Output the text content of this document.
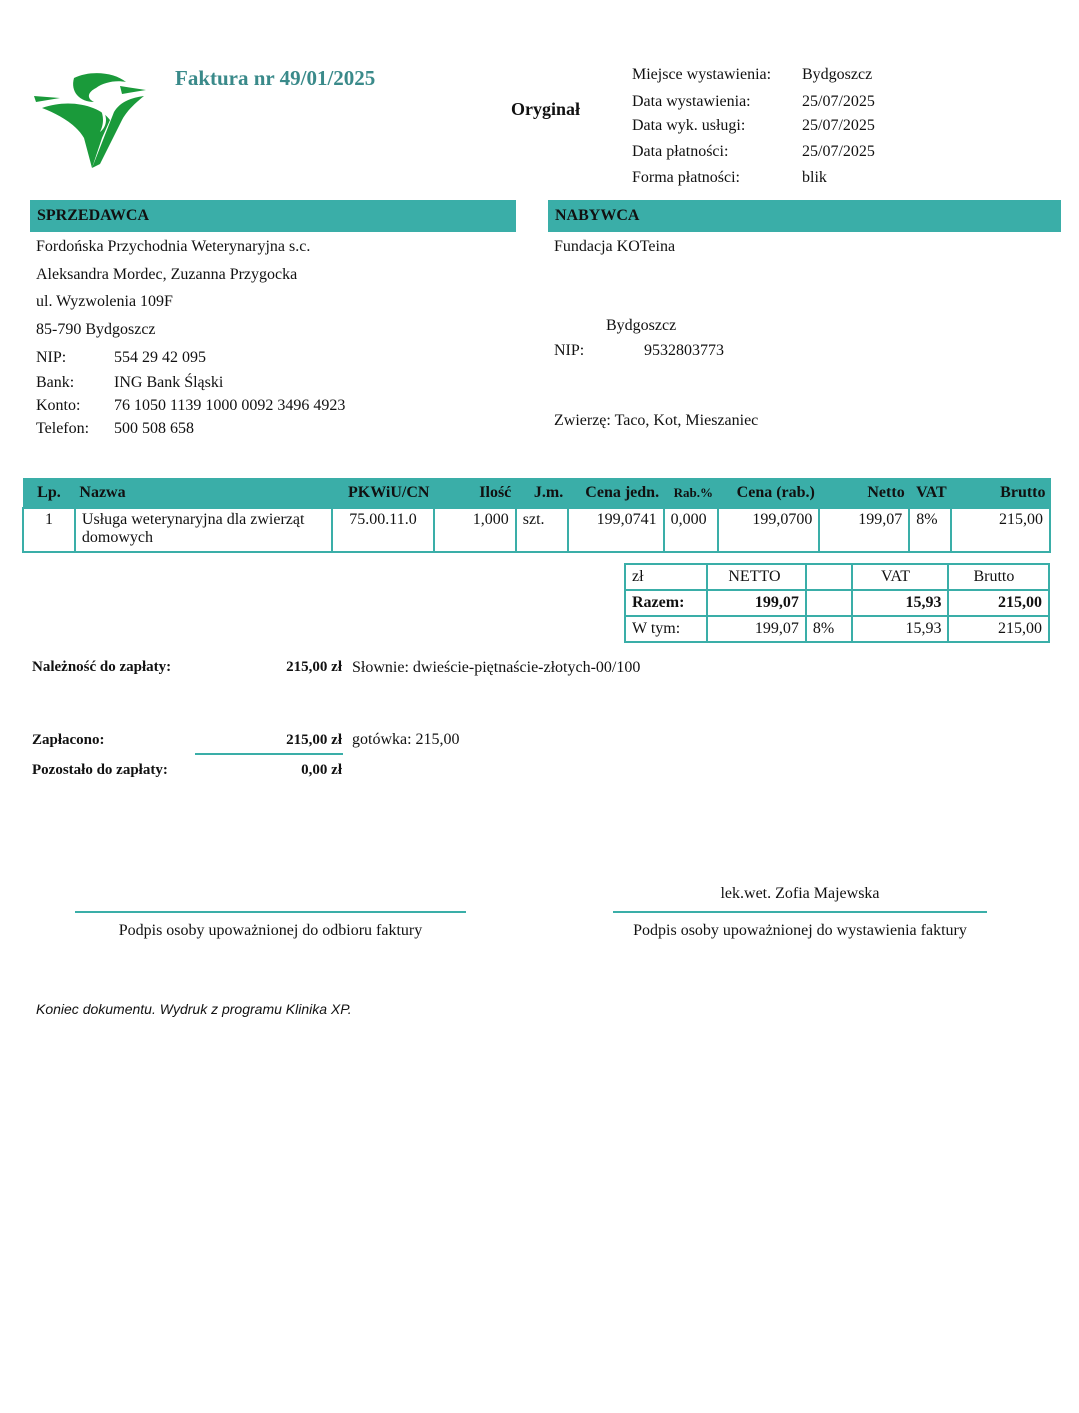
Faktura nr 49/01/2025
Oryginał
Miejsce wystawienia: Bydgoszcz
Data wystawienia:	25/07/2025
Data wyk. usługi:	25/07/2025
Data płatności:	25/07/2025
Forma płatności:	blik
SPRZEDAWCA	NABYWCA
Fordońska Przychodnia Weterynaryjna s.c.
Aleksandra Mordec, Zuzanna Przygocka
ul. Wyzwolenia 109F
85-790 Bydgoszcz
NIP:	554 29 42 095
Bank: ING Bank Śląski
Konto: 76 1050 1139 1000 0092 3496 4923
Telefon: 500 508 658
Fundacja KOTeina
Bydgoszcz
NIP:	9532803773
Zwierzę: Taco, Kot, Mieszaniec
Lp.	Nazwa	PKWiU/CN	Ilość	J.m.	Cena jedn.	Rab.%	Cena (rab.)	Netto	VAT	Brutto
1	Usługa weterynaryjna dla zwierząt domowych	75.00.11.0	1,000	szt.	199,0741	0,000	199,0700	199,07	8%	215,00
zł	NETTO		VAT	Brutto
Razem:	199,07		15,93	215,00
W tym:	199,07	8%	15,93	215,00
Należność do zapłaty:	215,00 zł Słownie: dwieście-piętnaście-złotych-00/100
Zapłacono:	215,00 zł gotówka: 215,00
Pozostało do zapłaty:	0,00 zł
lek.wet. Zofia Majewska
Podpis osoby upoważnionej do odbioru faktury	Podpis osoby upoważnionej do wystawienia faktury
Koniec dokumentu. Wydruk z programu Klinika XP.
